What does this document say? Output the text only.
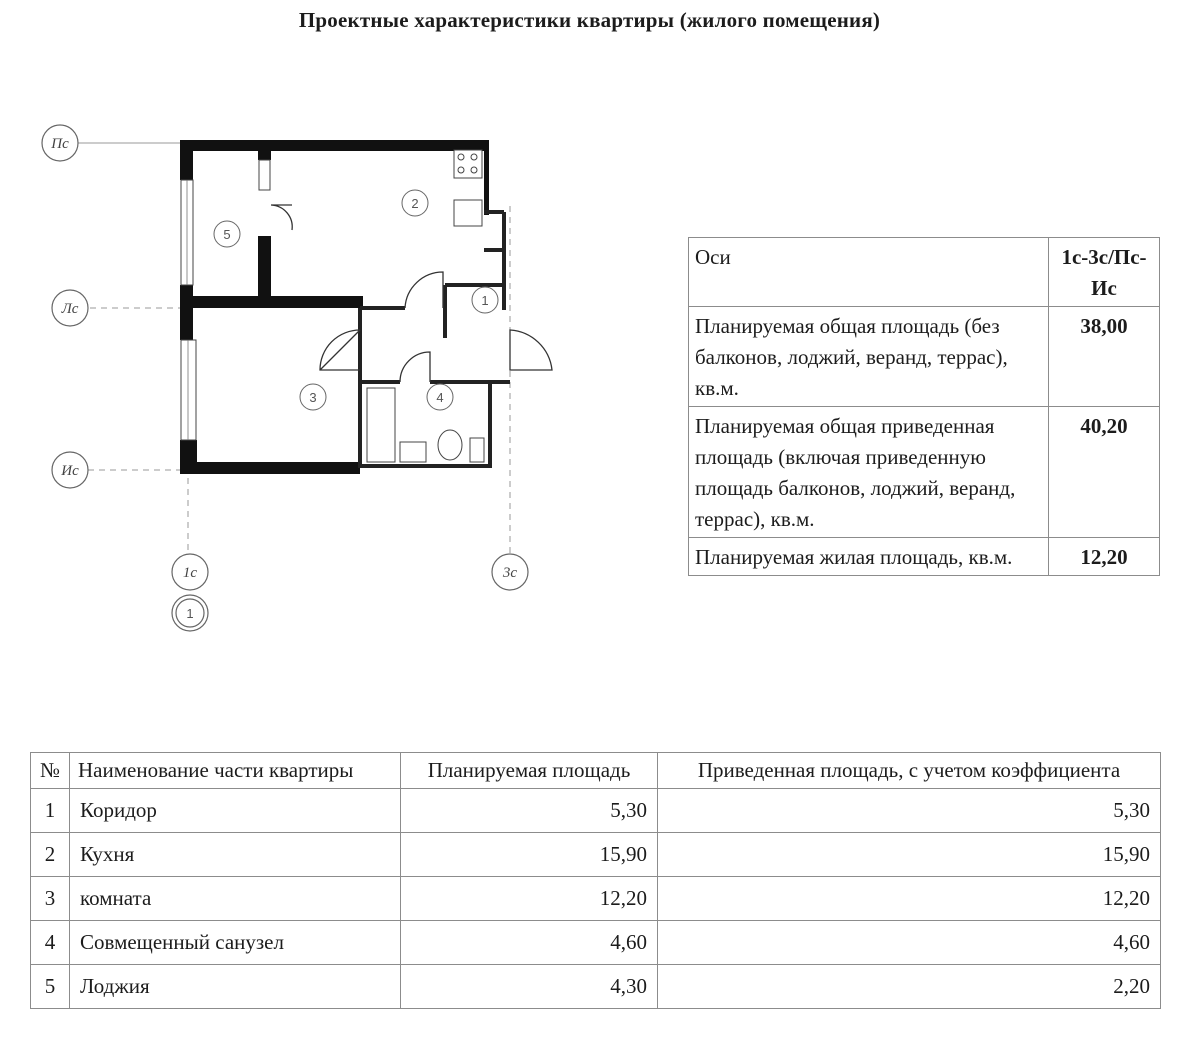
Проектные характеристики квартиры (жилого помещения)
Пс
Лс
Ис
1с	3с
1
1
2
3	4
5
Оси	1с-3с/Пс-Ис
Планируемая общая площадь (без балконов, лоджий, веранд, террас), кв.м.	38,00
Планируемая общая приведенная площадь (включая приведенную площадь балконов, лоджий, веранд, террас), кв.м.	40,20
Планируемая жилая площадь, кв.м.	12,20
№	Наименование части квартиры	Планируемая площадь	Приведенная площадь, с учетом коэффициента
1	Коридор	5,30	5,30
2	Кухня	15,90	15,90
3	комната	12,20	12,20
4	Совмещенный санузел	4,60	4,60
5	Лоджия	4,30	2,20
